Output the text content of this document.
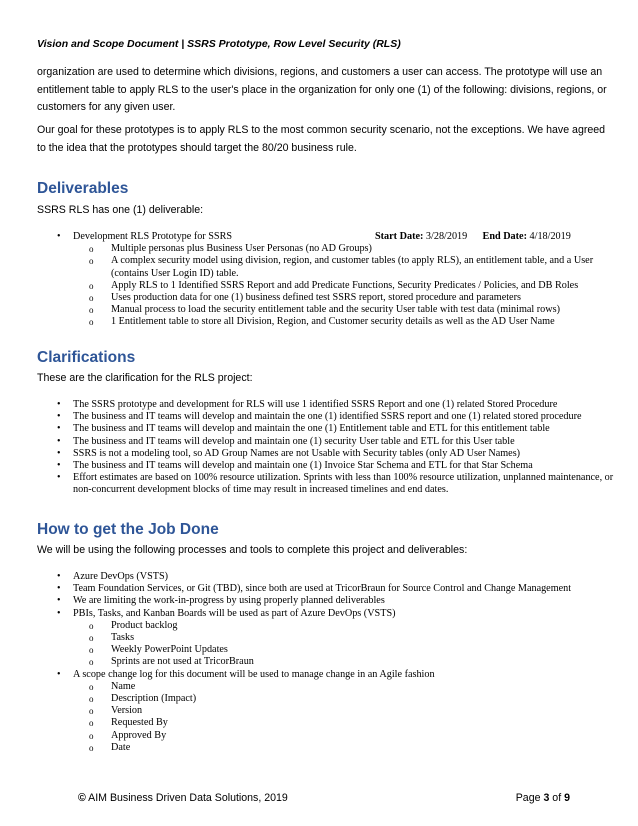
Vision and Scope Document | SSRS Prototype, Row Level Security (RLS)
organization are used to determine which divisions, regions, and customers a user can access. The prototype will use an entitlement table to apply RLS to the user's place in the organization for only one (1) of the following: divisions, regions, or customers for any given user.
Our goal for these prototypes is to apply RLS to the most common security scenario, not the exceptions. We have agreed to the idea that the prototypes should target the 80/20 business rule.
Deliverables
SSRS RLS has one (1) deliverable:
• Development RLS Prototype for SSRS	Start Date: 3/28/2019 End Date: 4/18/2019
o Multiple personas plus Business User Personas (no AD Groups)
o A complex security model using division, region, and customer tables (to apply RLS), an entitlement table, and a User (contains User Login ID) table.
o Apply RLS to 1 Identified SSRS Report and add Predicate Functions, Security Predicates / Policies, and DB Roles
o Uses production data for one (1) business defined test SSRS report, stored procedure and parameters
o Manual process to load the security entitlement table and the security User table with test data (minimal rows)
o 1 Entitlement table to store all Division, Region, and Customer security details as well as the AD User Name
Clarifications
These are the clarification for the RLS project:
• The SSRS prototype and development for RLS will use 1 identified SSRS Report and one (1) related Stored Procedure
• The business and IT teams will develop and maintain the one (1) identified SSRS report and one (1) related stored procedure
• The business and IT teams will develop and maintain the one (1) Entitlement table and ETL for this entitlement table
• The business and IT teams will develop and maintain one (1) security User table and ETL for this User table
• SSRS is not a modeling tool, so AD Group Names are not Usable with Security tables (only AD User Names)
• The business and IT teams will develop and maintain one (1) Invoice Star Schema and ETL for that Star Schema
• Effort estimates are based on 100% resource utilization. Sprints with less than 100% resource utilization, unplanned maintenance, or non-concurrent development blocks of time may result in increased timelines and end dates.
How to get the Job Done
We will be using the following processes and tools to complete this project and deliverables:
• Azure DevOps (VSTS)
• Team Foundation Services, or Git (TBD), since both are used at TricorBraun for Source Control and Change Management
• We are limiting the work-in-progress by using properly planned deliverables
• PBIs, Tasks, and Kanban Boards will be used as part of Azure DevOps (VSTS)
o Product backlog
o Tasks
o Weekly PowerPoint Updates
o Sprints are not used at TricorBraun
• A scope change log for this document will be used to manage change in an Agile fashion
o Name
o Description (Impact)
o Version
o Requested By
o Approved By
o Date
© AIM Business Driven Data Solutions, 2019	Page 3 of 9
